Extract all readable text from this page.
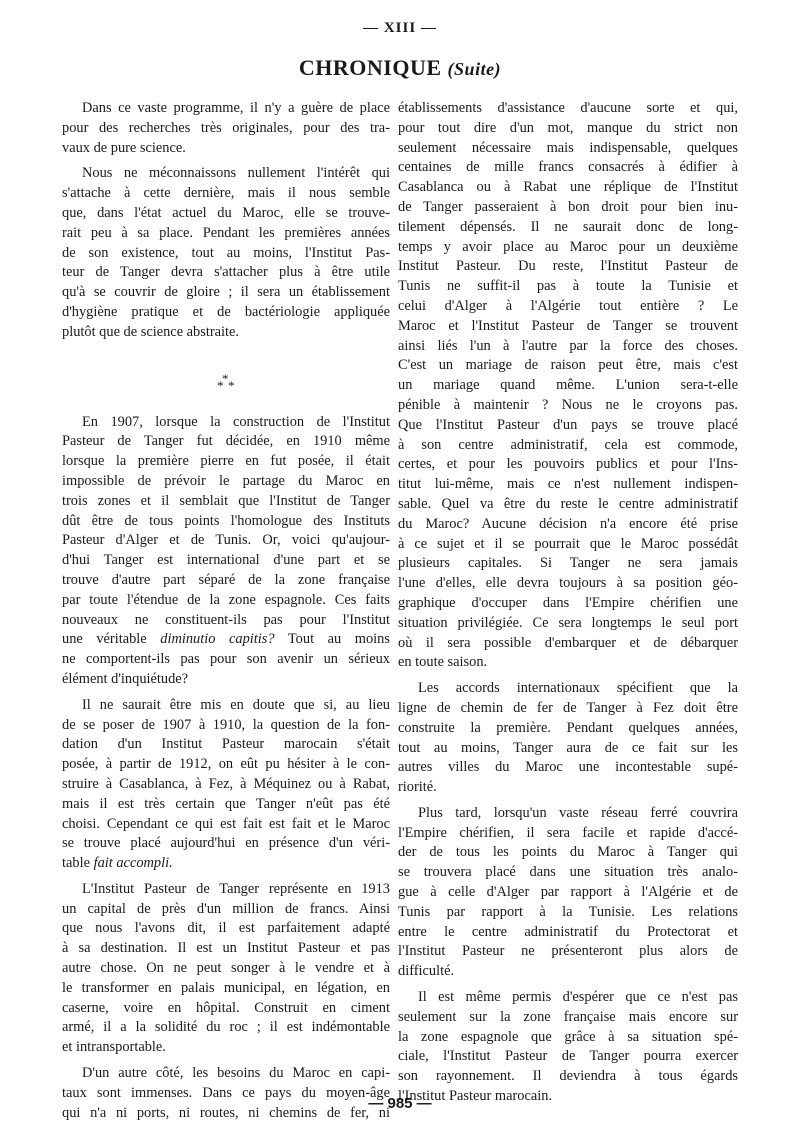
— XIII —
CHRONIQUE (Suite)
Dans ce vaste programme, il n'y a guère de place
pour des recherches très originales, pour des tra-
vaux de pure science.
Nous ne méconnaissons nullement l'intérêt qui
s'attache à cette dernière, mais il nous semble
que, dans l'état actuel du Maroc, elle se trouve-
rait peu à sa place. Pendant les premières années
de son existence, tout au moins, l'Institut Pas-
teur de Tanger devra s'attacher plus à être utile
qu'à se couvrir de gloire ; il sera un établissement
d'hygiène pratique et de bactériologie appliquée
plutôt que de science abstraite.
*
* *
En 1907, lorsque la construction de l'Institut
Pasteur de Tanger fut décidée, en 1910 même
lorsque la première pierre en fut posée, il était
impossible de prévoir le partage du Maroc en
trois zones et il semblait que l'Institut de Tanger
dût être de tous points l'homologue des Instituts
Pasteur d'Alger et de Tunis. Or, voici qu'aujour-
d'hui Tanger est international d'une part et se
trouve d'autre part séparé de la zone française
par toute l'étendue de la zone espagnole. Ces faits
nouveaux ne constituent-ils pas pour l'Institut
une véritable diminutio capitis? Tout au moins
ne comportent-ils pas pour son avenir un sérieux
élément d'inquiétude?
Il ne saurait être mis en doute que si, au lieu
de se poser de 1907 à 1910, la question de la fon-
dation d'un Institut Pasteur marocain s'était
posée, à partir de 1912, on eût pu hésiter à le con-
struire à Casablanca, à Fez, à Méquinez ou à Rabat,
mais il est très certain que Tanger n'eût pas été
choisi. Cependant ce qui est fait est fait et le Maroc
se trouve placé aujourd'hui en présence d'un véri-
table fait accompli.
L'Institut Pasteur de Tanger représente en 1913
un capital de près d'un million de francs. Ainsi
que nous l'avons dit, il est parfaitement adapté
à sa destination. Il est un Institut Pasteur et pas
autre chose. On ne peut songer à le vendre et à
le transformer en palais municipal, en légation, en
caserne, voire en hôpital. Construit en ciment
armé, il a la solidité du roc ; il est indémontable
et intransportable.
D'un autre côté, les besoins du Maroc en capi-
taux sont immenses. Dans ce pays du moyen-âge
qui n'a ni ports, ni routes, ni chemins de fer, ni
établissements d'assistance d'aucune sorte et qui,
pour tout dire d'un mot, manque du strict non
seulement nécessaire mais indispensable, quelques
centaines de mille francs consacrés à édifier à
Casablanca ou à Rabat une réplique de l'Institut
de Tanger passeraient à bon droit pour bien inu-
tilement dépensés. Il ne saurait donc de long-
temps y avoir place au Maroc pour un deuxième
Institut Pasteur. Du reste, l'Institut Pasteur de
Tunis ne suffit-il pas à toute la Tunisie et
celui d'Alger à l'Algérie tout entière ? Le
Maroc et l'Institut Pasteur de Tanger se trouvent
ainsi liés l'un à l'autre par la force des choses.
C'est un mariage de raison peut être, mais c'est
un mariage quand même. L'union sera-t-elle
pénible à maintenir ? Nous ne le croyons pas.
Que l'Institut Pasteur d'un pays se trouve placé
à son centre administratif, cela est commode,
certes, et pour les pouvoirs publics et pour l'Ins-
titut lui-même, mais ce n'est nullement indispen-
sable. Quel va être du reste le centre administratif
du Maroc? Aucune décision n'a encore été prise
à ce sujet et il se pourrait que le Maroc possédât
plusieurs capitales. Si Tanger ne sera jamais
l'une d'elles, elle devra toujours à sa position géo-
graphique d'occuper dans l'Empire chérifien une
situation privilégiée. Ce sera longtemps le seul port
où il sera possible d'embarquer et de débarquer
en toute saison.
Les accords internationaux spécifient que la
ligne de chemin de fer de Tanger à Fez doit être
construite la première. Pendant quelques années,
tout au moins, Tanger aura de ce fait sur les
autres villes du Maroc une incontestable supé-
riorité.
Plus tard, lorsqu'un vaste réseau ferré couvrira
l'Empire chérifien, il sera facile et rapide d'accé-
der de tous les points du Maroc à Tanger qui
se trouvera placé dans une situation très analo-
gue à celle d'Alger par rapport à l'Algérie et de
Tunis par rapport à la Tunisie. Les relations
entre le centre administratif du Protectorat et
l'Institut Pasteur ne présenteront plus alors de
difficulté.
Il est même permis d'espérer que ce n'est pas
seulement sur la zone française mais encore sur
la zone espagnole que grâce à sa situation spé-
ciale, l'Institut Pasteur de Tanger pourra exercer
son rayonnement. Il deviendra à tous égards
l'Institut Pasteur marocain.
— 985 —
